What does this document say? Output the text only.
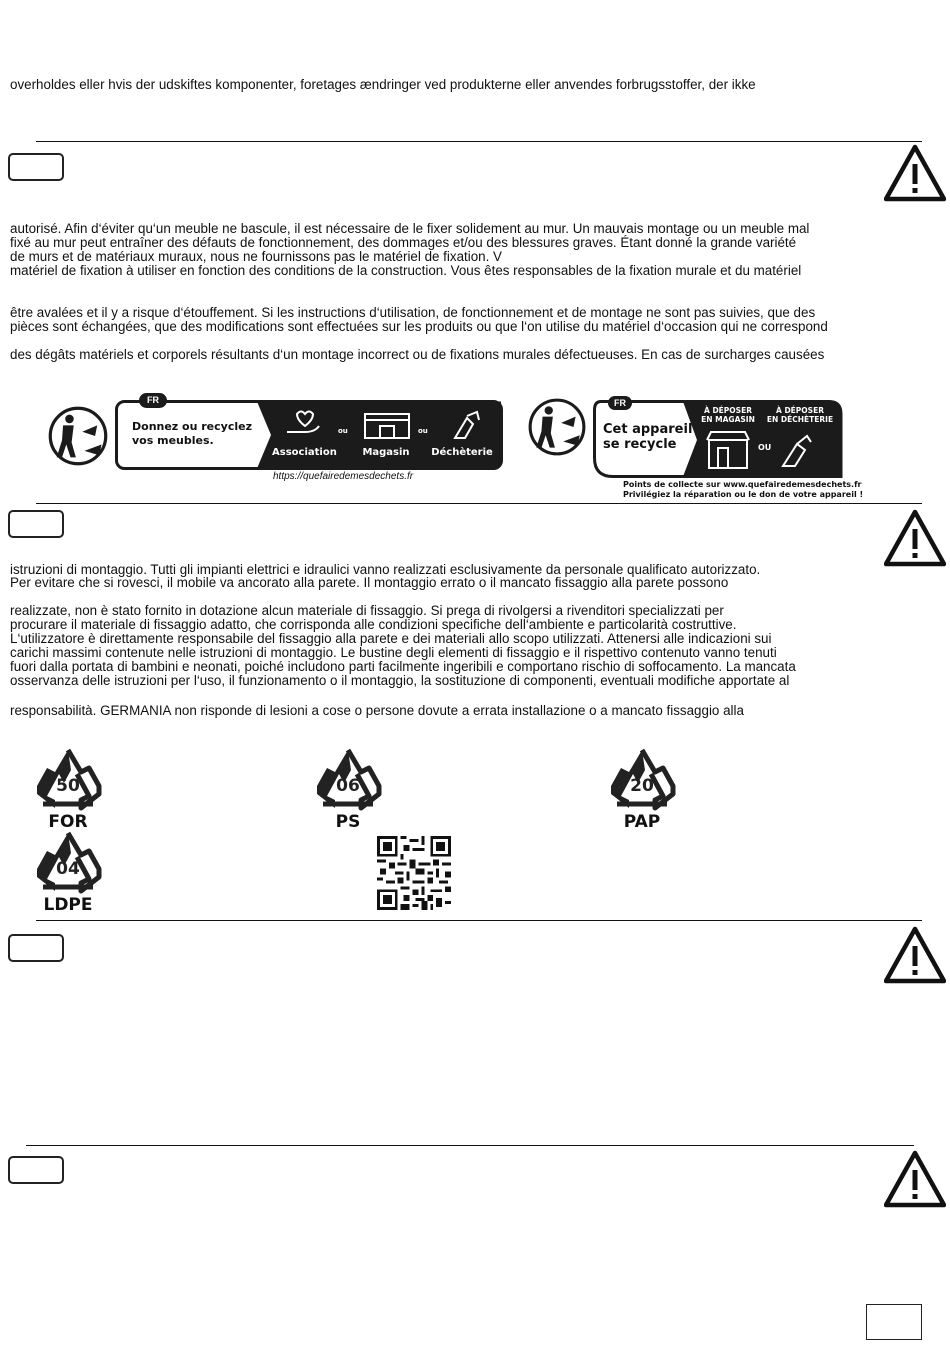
overholdes eller hvis der udskiftes komponenter, foretages ændringer ved produkterne eller anvendes forbrugsstoffer, der ikke
autorisé. Afin d‘éviter qu‘un meuble ne bascule, il est nécessaire de le fixer solidement au mur. Un mauvais montage ou un meuble mal
fixé au mur peut entraîner des défauts de fonctionnement, des dommages et/ou des blessures graves. Étant donné la grande variété
de murs et de matériaux muraux, nous ne fournissons pas le matériel de fixation. V
matériel de fixation à utiliser en fonction des conditions de la construction. Vous êtes responsables de la fixation murale et du matériel
être avalées et il y a risque d‘étouffement. Si les instructions d‘utilisation, de fonctionnement et de montage ne sont pas suivies, que des
pièces sont échangées, que des modifications sont effectuées sur les produits ou que l‘on utilise du matériel d‘occasion qui ne correspond
des dégâts matériels et corporels résultants d‘un montage incorrect ou de fixations murales défectueuses. En cas de surcharges causées
Donnez ou recyclez
vos meubles.
Association	Magasin	Déchèterie
ou	ou
FR
https://quefairedemesdechets.fr
Cet appareil
se recycle
À DÉPOSER
EN MAGASIN
À DÉPOSER
EN DÉCHÈTERIE
OU
FR
Points de collecte sur www.quefairedemesdechets.fr
Privilégiez la réparation ou le don de votre appareil !
istruzioni di montaggio. Tutti gli impianti elettrici e idraulici vanno realizzati esclusivamente da personale qualificato autorizzato.
Per evitare che si rovesci, il mobile va ancorato alla parete. Il montaggio errato o il mancato fissaggio alla parete possono
realizzate, non è stato fornito in dotazione alcun materiale di fissaggio. Si prega di rivolgersi a rivenditori specializzati per
procurare il materiale di fissaggio adatto, che corrisponda alle condizioni specifiche dell‘ambiente e particolarità costruttive.
L‘utilizzatore è direttamente responsabile del fissaggio alla parete e dei materiali allo scopo utilizzati. Attenersi alle indicazioni sui
carichi massimi contenute nelle istruzioni di montaggio. Le bustine degli elementi di fissaggio e il rispettivo contenuto vanno tenuti
fuori dalla portata di bambini e neonati, poiché includono parti facilmente ingeribili e comportano rischio di soffocamento. La mancata
osservanza delle istruzioni per l‘uso, il funzionamento o il montaggio, la sostituzione di componenti, eventuali modifiche apportate al
responsabilità. GERMANIA non risponde di lesioni a cose o persone dovute a errata installazione o a mancato fissaggio alla
50
FOR
06
PS
20
PAP
04
LDPE
